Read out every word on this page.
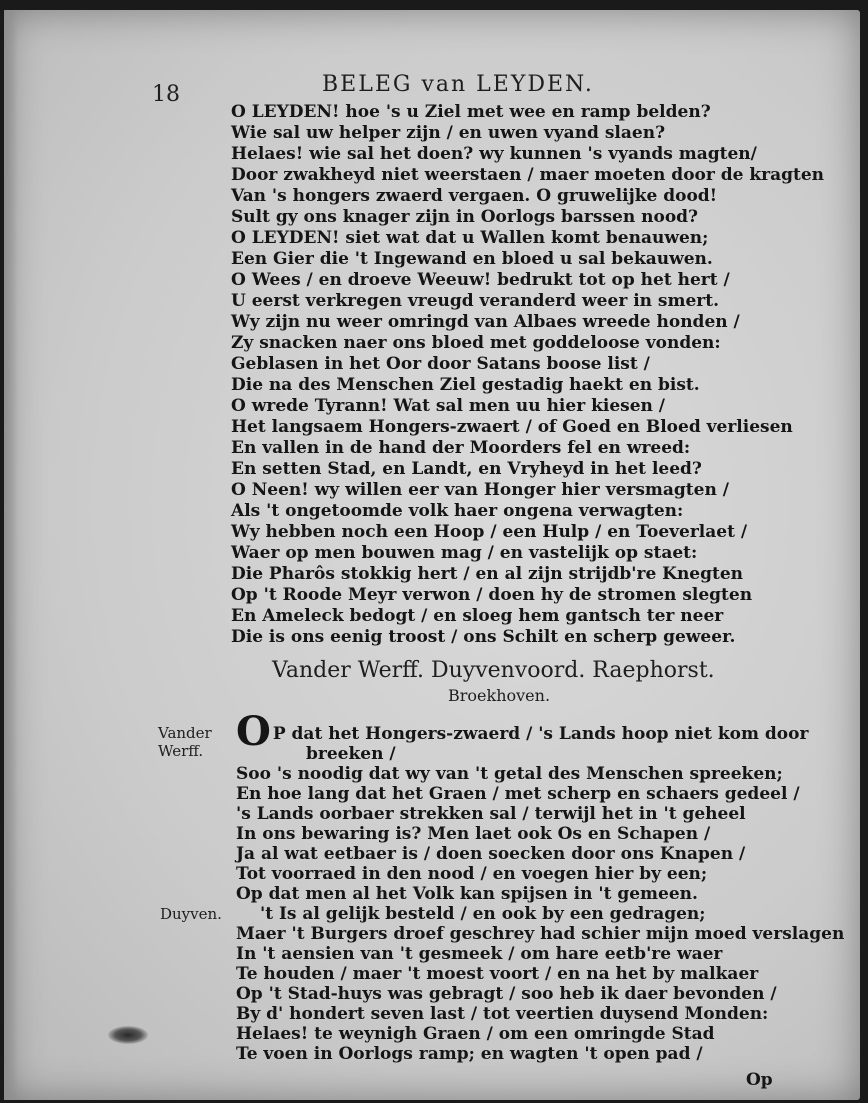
18	BELEG van LEYDEN.
O LEYDEN! hoe 's u Ziel met wee en ramp belden?
Wie sal uw helper zijn / en uwen vyand slaen?
Helaes! wie sal het doen? wy kunnen 's vyands magten/
Door zwakheyd niet weerstaen / maer moeten door de kragten
Van 's hongers zwaerd vergaen. O gruwelijke dood!
Sult gy ons knager zijn in Oorlogs barssen nood?
O LEYDEN! siet wat dat u Wallen komt benauwen;
Een Gier die 't Ingewand en bloed u sal bekauwen.
O Wees / en droeve Weeuw! bedrukt tot op het hert /
U eerst verkregen vreugd veranderd weer in smert.
Wy zijn nu weer omringd van Albaes wreede honden /
Zy snacken naer ons bloed met goddeloose vonden:
Geblasen in het Oor door Satans boose list /
Die na des Menschen Ziel gestadig haekt en bist.
O wrede Tyrann! Wat sal men uu hier kiesen /
Het langsaem Hongers-zwaert / of Goed en Bloed verliesen
En vallen in de hand der Moorders fel en wreed:
En setten Stad, en Landt, en Vryheyd in het leed?
O Neen! wy willen eer van Honger hier versmagten /
Als 't ongetoomde volk haer ongena verwagten:
Wy hebben noch een Hoop / een Hulp / en Toeverlaet /
Waer op men bouwen mag / en vastelijk op staet:
Die Pharôs stokkig hert / en al zijn strijdb're Knegten
Op 't Roode Meyr verwon / doen hy de stromen slegten
En Ameleck bedogt / en sloeg hem gantsch ter neer
Die is ons eenig troost / ons Schilt en scherp geweer.
Vander Werff. Duyvenvoord. Raephorst.
Broekhoven.
Vander Werff.
Duyven.
O P dat het Hongers-zwaerd / 's Lands hoop niet kom door
breeken /
Soo 's noodig dat wy van 't getal des Menschen spreeken;
En hoe lang dat het Graen / met scherp en schaers gedeel /
's Lands oorbaer strekken sal / terwijl het in 't geheel
In ons bewaring is? Men laet ook Os en Schapen /
Ja al wat eetbaer is / doen soecken door ons Knapen /
Tot voorraed in den nood / en voegen hier by een;
Op dat men al het Volk kan spijsen in 't gemeen.
't Is al gelijk besteld / en ook by een gedragen;
Maer 't Burgers droef geschrey had schier mijn moed verslagen
In 't aensien van 't gesmeek / om hare eetb're waer
Te houden / maer 't moest voort / en na het by malkaer
Op 't Stad-huys was gebragt / soo heb ik daer bevonden /
By d' hondert seven last / tot veertien duysend Monden:
Helaes! te weynigh Graen / om een omringde Stad
Te voen in Oorlogs ramp; en wagten 't open pad /
Op
